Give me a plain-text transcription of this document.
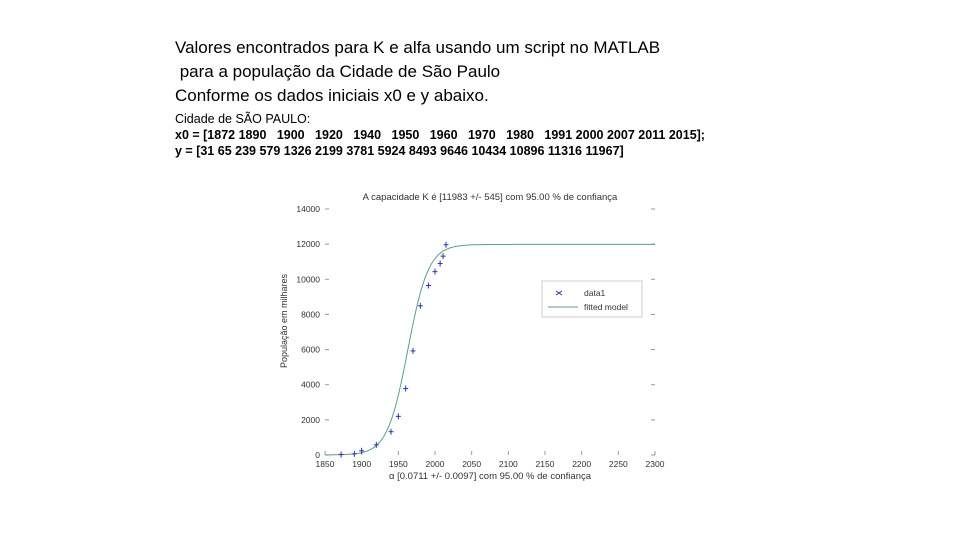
Valores encontrados para K e alfa usando um script no MATLAB
para a população da Cidade de São Paulo
Conforme os dados iniciais x0 e y abaixo.
Cidade de SÃO PAULO:
x0 = [1872 1890   1900   1920   1940   1950   1960   1970   1980   1991 2000 2007 2011 2015];
y = [31 65 239 579 1326 2199 3781 5924 8493 9646 10434 10896 11316 11967]
0
2000
4000
6000
8000
10000
12000
14000
1850 1900 1950 2000 2050 2100 2150 2200 2250 2300
data1
fitted model
A capacidade K é [11983 +/- 545] com 95.00 % de confiança
α [0.0711 +/- 0.0097] com 95.00 % de confiança
População em milhares
